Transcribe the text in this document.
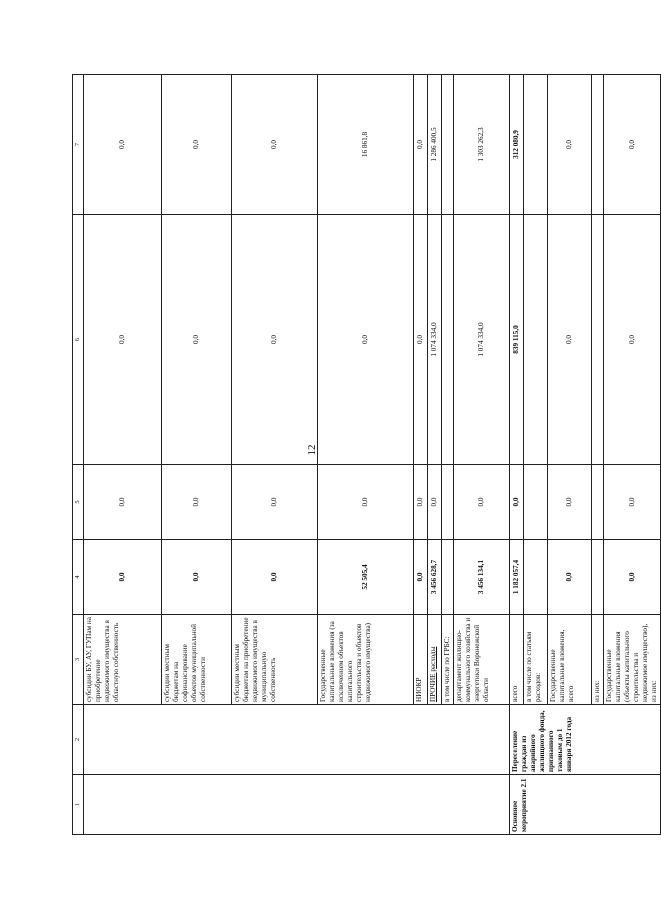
12
1	2	3	4	5	6	7
		субсидии БУ, АУ, ГУПам на приобретение недвижимого имущества в областную собственность	0,0	0,0	0,0	0,0
		субсидии местным бюджетам на софинансирование объектов муниципальной собственности	0,0	0,0	0,0	0,0
		субсидии местным бюджетам на приобретение недвижимого имущества в муниципальную собственность	0,0	0,0	0,0	0,0
		Государственные капитальные вложения (за исключением объектов капитального строительства и объектов недвижимого имущества)	52 505,4	0,0	0,0	16 861,8
		НИОКР	0,0	0,0	0,0	0,0
		ПРОЧИЕ расходы	3 456 628,7	0,0	1 074 334,0	1 286 400,5
		в том числе по ГРБС:				
		департамент жилищно-коммунального хозяйства и энергетики Воронежской области	3 456 134,1	0,0	1 074 334,0	1 303 262,3
Основное мероприятие 2.1	Переселение граждан из аварийного жилищного фонда, признанного таковым до 1 января 2012 года	всего	1 182 057,4	0,0	839 115,0	312 080,9
		в том числе по статьям расходов:				
		Государственные капитальные вложения, всего	0,0	0,0	0,0	0,0
		из них:				
		Государственные капитальные вложения (объекты капитального строительства и недвижимое имущество), из них:	0,0	0,0	0,0	0,0
